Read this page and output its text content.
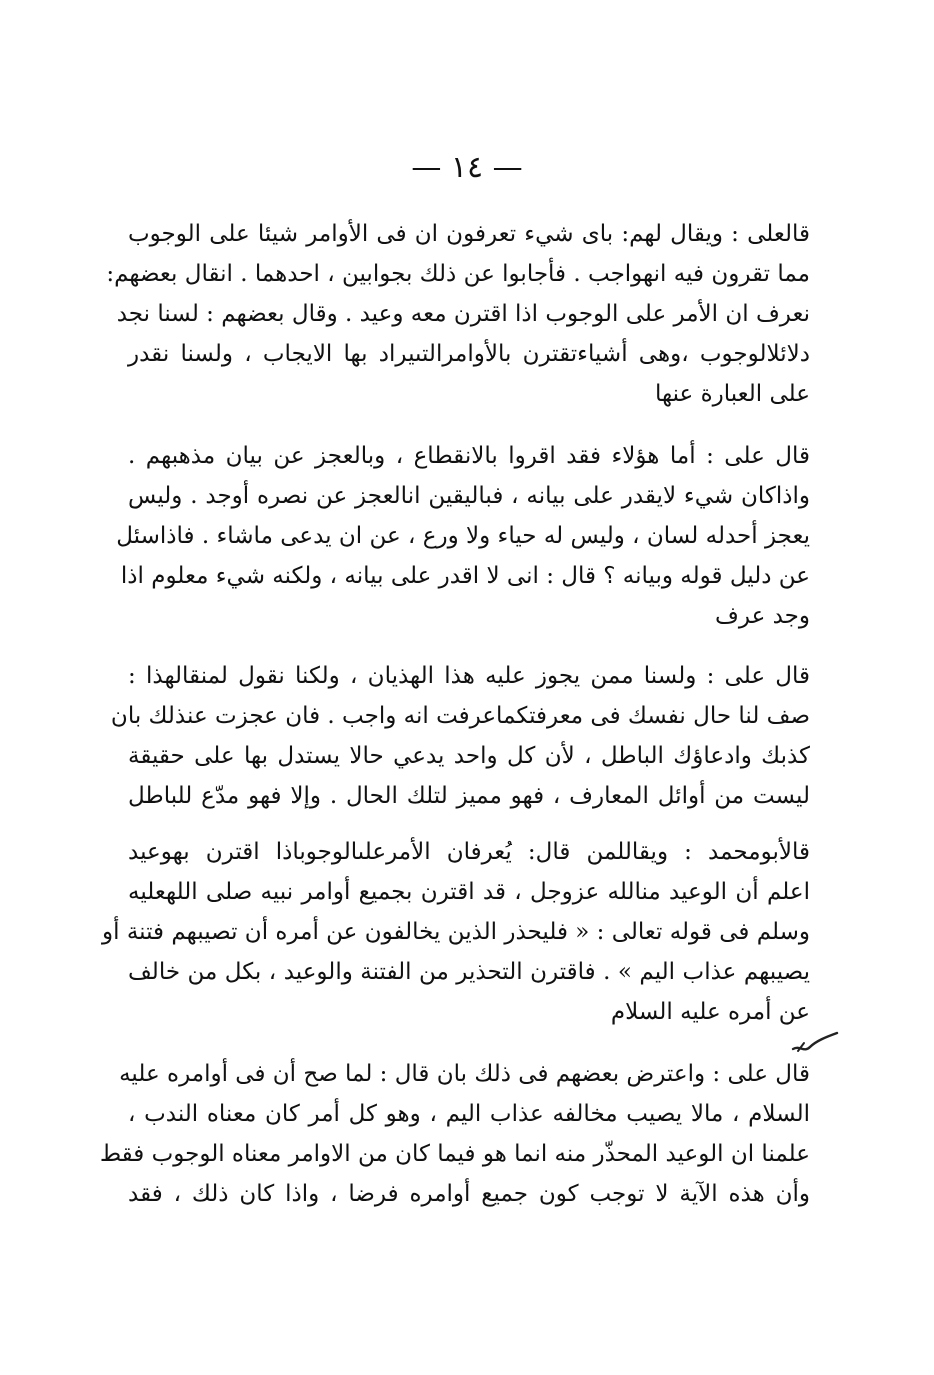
— ١٤ —
قالعلى : ويقال لهم: باى شيء تعرفون ان فى الأوامر شيئا على الوجوب
مما تقرون فيه انهواجب . فأجابوا عن ذلك بجوابين ، احدهما . انقال بعضهم:
نعرف ان الأمر على الوجوب اذا اقترن معه وعيد . وقال بعضهم : لسنا نجد
دلائلالوجوب ،وهى أشياءتقترن بالأوامرالتىيراد بها الايجاب ، ولسنا نقدر
على العبارة عنها
قال على : أما هؤلاء فقد اقروا بالانقطاع ، وبالعجز عن بيان مذهبهم .
واذاكان شيء لايقدر على بيانه ، فباليقين انالعجز عن نصره أوجد . وليس
يعجز أحدله لسان ، وليس له حياء ولا ورع ، عن ان يدعى ماشاء . فاذاسئل
عن دليل قوله وبيانه ؟ قال : انى لا اقدر على بيانه ، ولكنه شيء معلوم اذا
وجد عرف
قال على : ولسنا ممن يجوز عليه هذا الهذيان ، ولكنا نقول لمنقالهذا :
صف لنا حال نفسك فى معرفتكماعرفت انه واجب . فان عجزت عنذلك بان
كذبك وادعاؤك الباطل ، لأن كل واحد يدعي حالا يستدل بها على حقيقة
ليست من أوائل المعارف ، فهو مميز لتلك الحال . وإلا فهو مدّع للباطل
قالأبومحمد : ويقاللمن قال: يُعرفان الأمرعلىالوجوباذا اقترن بهوعيد
اعلم أن الوعيد منالله عزوجل ، قد اقترن بجميع أوامر نبيه صلى اللهعليه
وسلم فى قوله تعالى : « فليحذر الذين يخالفون عن أمره أن تصيبهم فتنة أو
يصيبهم عذاب اليم » . فاقترن التحذير من الفتنة والوعيد ، بكل من خالف
عن أمره عليه السلام
قال على : واعترض بعضهم فى ذلك بان قال : لما صح أن فى أوامره عليه
السلام ، مالا يصيب مخالفه عذاب اليم ، وهو كل أمر كان معناه الندب ،
علمنا ان الوعيد المحذّر منه انما هو فيما كان من الاوامر معناه الوجوب فقط
وأن هذه الآية لا توجب كون جميع أوامره فرضا ، واذا كان ذلك ، فقد
